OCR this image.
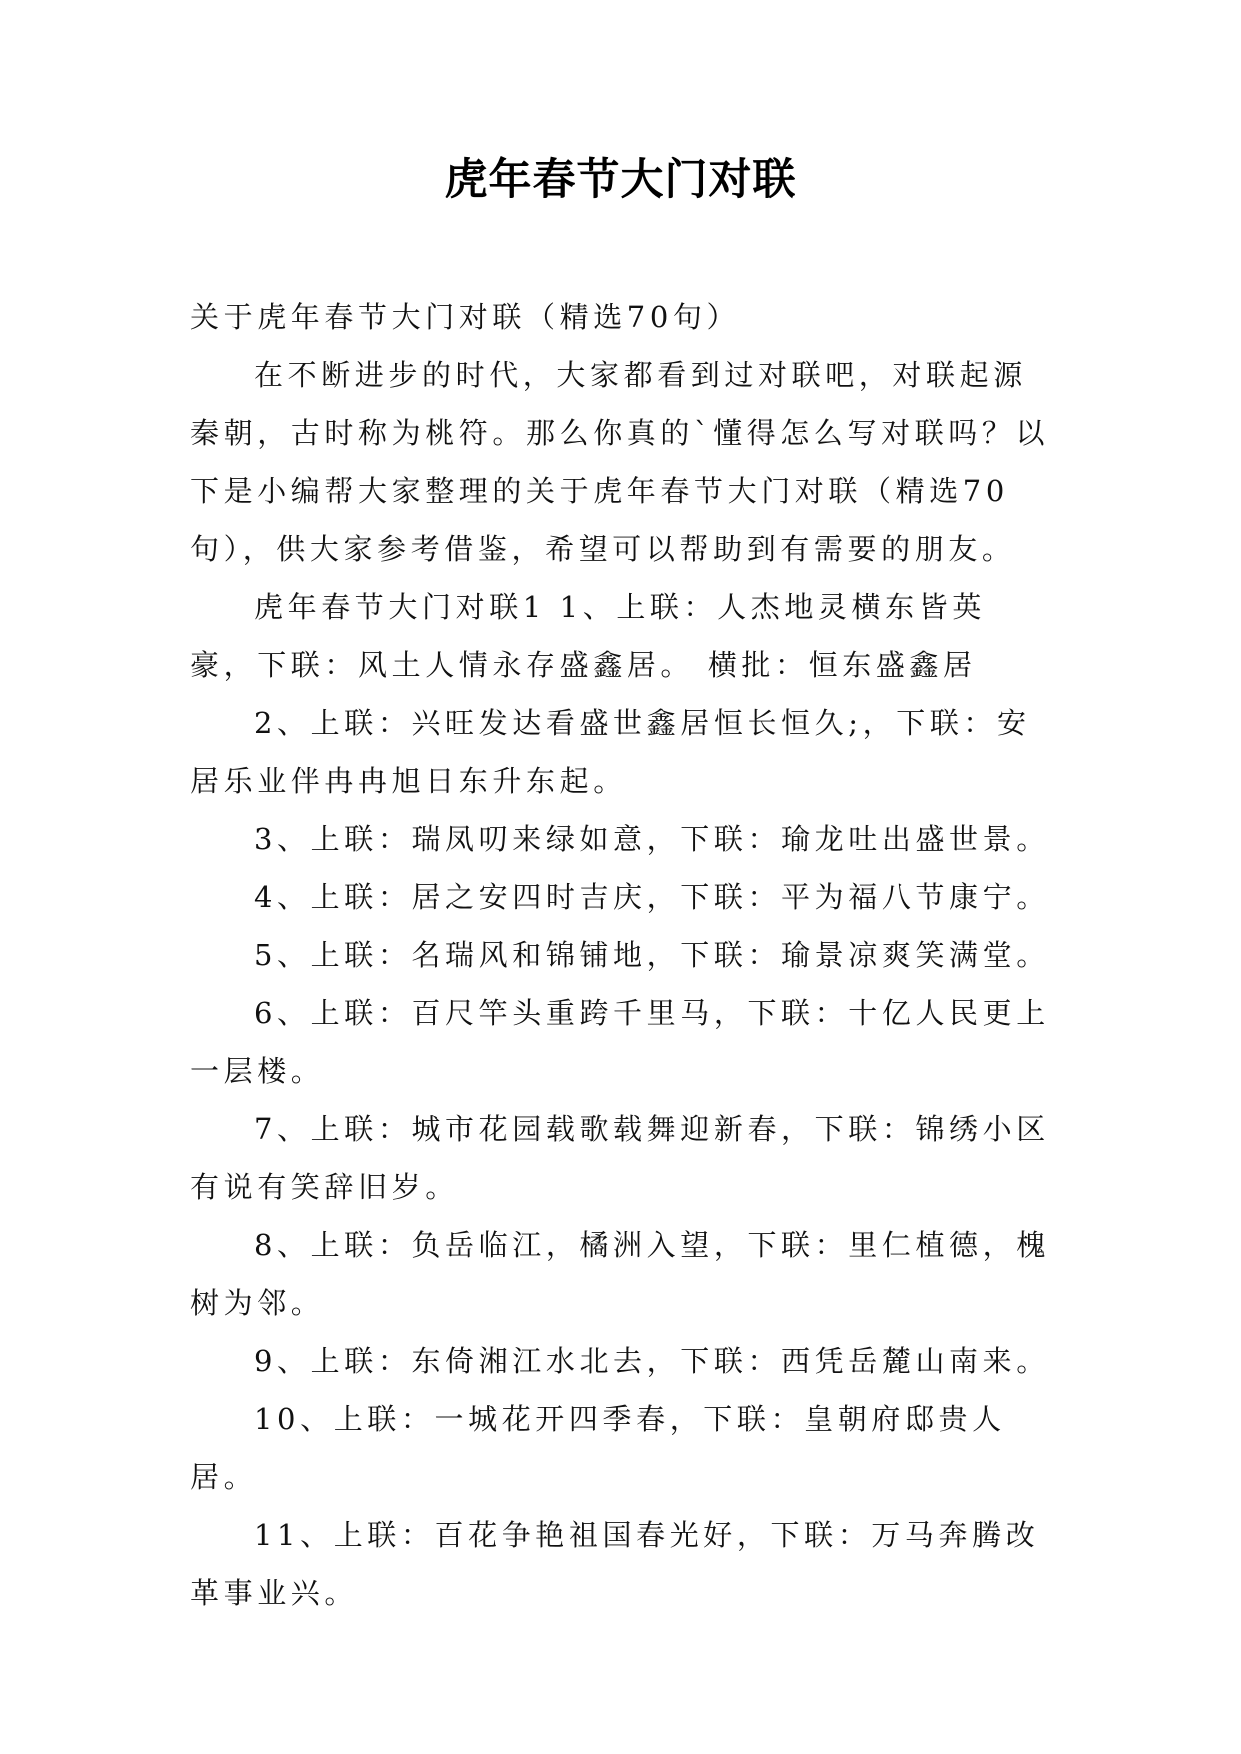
虎年春节大门对联

关于虎年春节大门对联（精选70句）

在不断进步的时代，大家都看到过对联吧，对联起源秦朝，古时称为桃符。那么你真的`懂得怎么写对联吗？以下是小编帮大家整理的关于虎年春节大门对联（精选70句），供大家参考借鉴，希望可以帮助到有需要的朋友。

虎年春节大门对联1 1、上联：人杰地灵横东皆英豪，下联：风土人情永存盛鑫居。 横批：恒东盛鑫居

2、上联：兴旺发达看盛世鑫居恒长恒久;，下联：安居乐业伴冉冉旭日东升东起。

3、上联：瑞凤叨来绿如意，下联：瑜龙吐出盛世景。

4、上联：居之安四时吉庆，下联：平为福八节康宁。

5、上联：名瑞风和锦铺地，下联：瑜景凉爽笑满堂。

6、上联：百尺竿头重跨千里马，下联：十亿人民更上一层楼。

7、上联：城市花园载歌载舞迎新春，下联：锦绣小区有说有笑辞旧岁。

8、上联：负岳临江，橘洲入望，下联：里仁植德，槐树为邻。

9、上联：东倚湘江水北去，下联：西凭岳麓山南来。

10、上联：一城花开四季春，下联：皇朝府邸贵人居。

11、上联：百花争艳祖国春光好，下联：万马奔腾改革事业兴。
